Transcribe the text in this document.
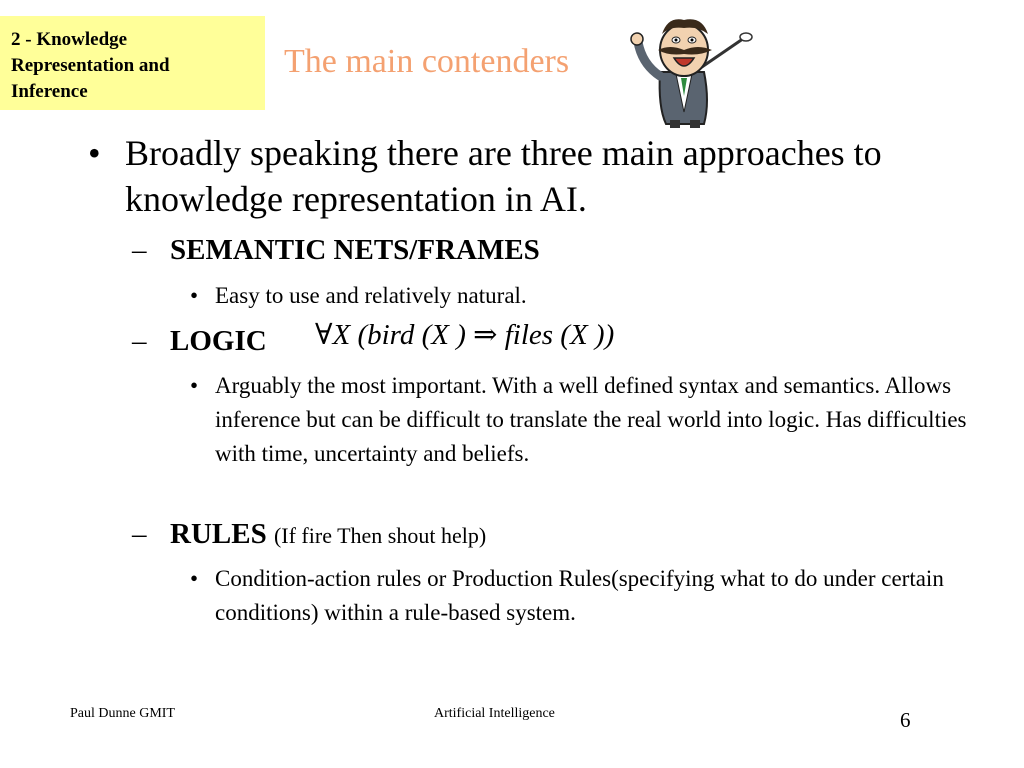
2 - Knowledge
Representation and
Inference
The main contenders
• Broadly speaking there are three main approaches to knowledge representation in AI.
– SEMANTIC NETS/FRAMES
• Easy to use and relatively natural.
– LOGIC ∀X (bird (X ) ⇒ files (X ))
• Arguably the most important. With a well defined syntax and semantics. Allows inference but can be difficult to translate the real world into logic. Has difficulties with time, uncertainty and beliefs.
– RULES (If fire Then shout help)
• Condition-action rules or Production Rules(specifying what to do under certain conditions) within a rule-based system.
Paul Dunne GMIT	Artificial Intelligence	6
